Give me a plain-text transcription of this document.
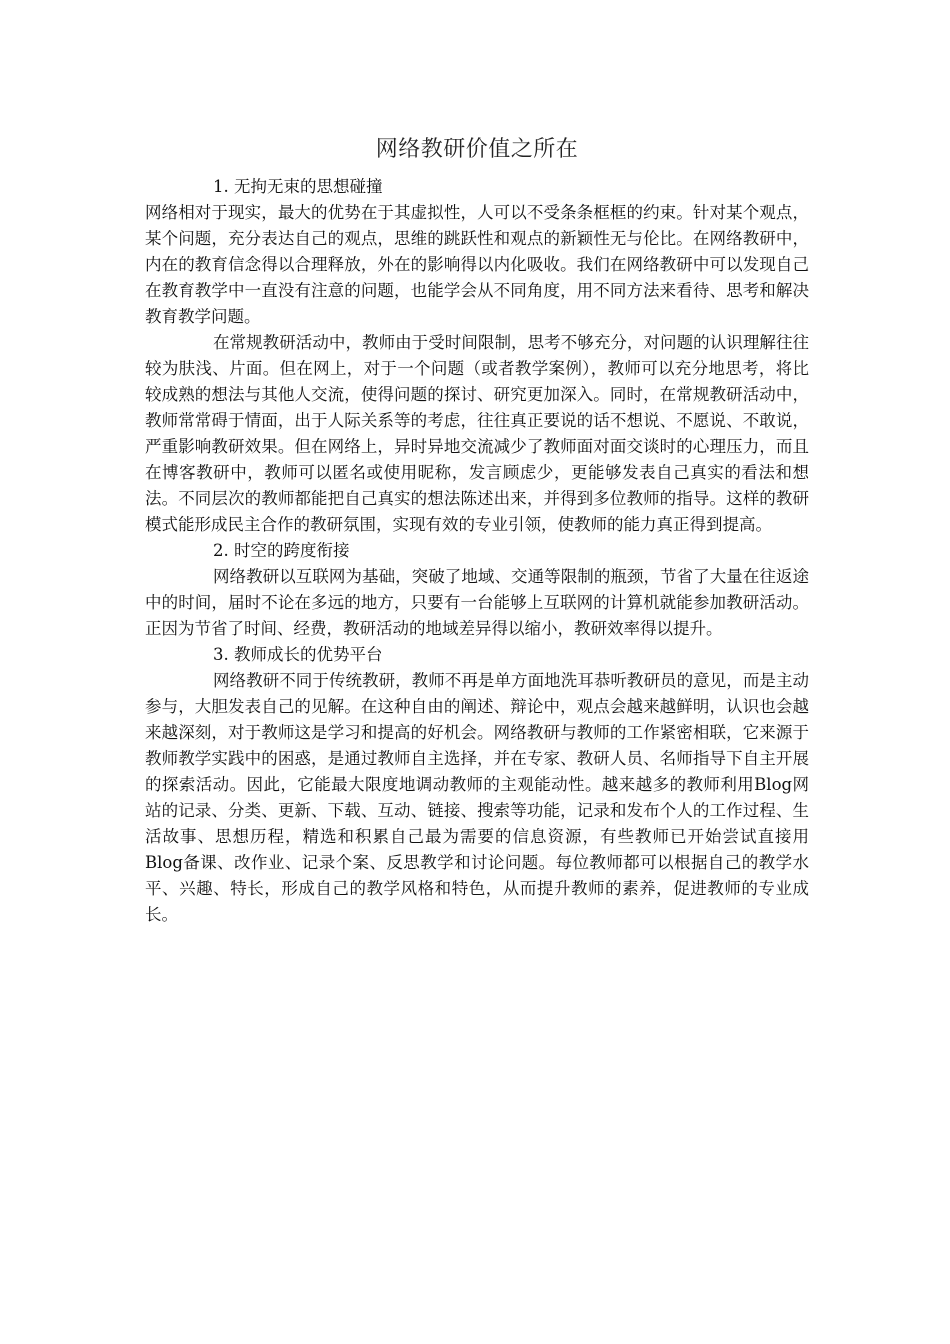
网络教研价值之所在
1. 无拘无束的思想碰撞

网络相对于现实，最大的优势在于其虚拟性，人可以不受条条框框的约束。针对某个观点，某个问题，充分表达自己的观点，思维的跳跃性和观点的新颖性无与伦比。在网络教研中，内在的教育信念得以合理释放，外在的影响得以内化吸收。我们在网络教研中可以发现自己在教育教学中一直没有注意的问题，也能学会从不同角度，用不同方法来看待、思考和解决教育教学问题。

在常规教研活动中，教师由于受时间限制，思考不够充分，对问题的认识理解往往较为肤浅、片面。但在网上，对于一个问题（或者教学案例），教师可以充分地思考，将比较成熟的想法与其他人交流，使得问题的探讨、研究更加深入。同时，在常规教研活动中，教师常常碍于情面，出于人际关系等的考虑，往往真正要说的话不想说、不愿说、不敢说，严重影响教研效果。但在网络上，异时异地交流减少了教师面对面交谈时的心理压力，而且在博客教研中，教师可以匿名或使用昵称，发言顾虑少，更能够发表自己真实的看法和想法。不同层次的教师都能把自己真实的想法陈述出来，并得到多位教师的指导。这样的教研模式能形成民主合作的教研氛围，实现有效的专业引领，使教师的能力真正得到提高。

2. 时空的跨度衔接

网络教研以互联网为基础，突破了地域、交通等限制的瓶颈，节省了大量在往返途中的时间，届时不论在多远的地方，只要有一台能够上互联网的计算机就能参加教研活动。正因为节省了时间、经费，教研活动的地域差异得以缩小，教研效率得以提升。

3. 教师成长的优势平台

网络教研不同于传统教研，教师不再是单方面地洗耳恭听教研员的意见，而是主动参与，大胆发表自己的见解。在这种自由的阐述、辩论中，观点会越来越鲜明，认识也会越来越深刻，对于教师这是学习和提高的好机会。网络教研与教师的工作紧密相联，它来源于教师教学实践中的困惑，是通过教师自主选择，并在专家、教研人员、名师指导下自主开展的探索活动。因此，它能最大限度地调动教师的主观能动性。越来越多的教师利用Blog网站的记录、分类、更新、下载、互动、链接、搜索等功能，记录和发布个人的工作过程、生活故事、思想历程，精选和积累自己最为需要的信息资源，有些教师已开始尝试直接用Blog备课、改作业、记录个案、反思教学和讨论问题。每位教师都可以根据自己的教学水平、兴趣、特长，形成自己的教学风格和特色，从而提升教师的素养，促进教师的专业成长。
